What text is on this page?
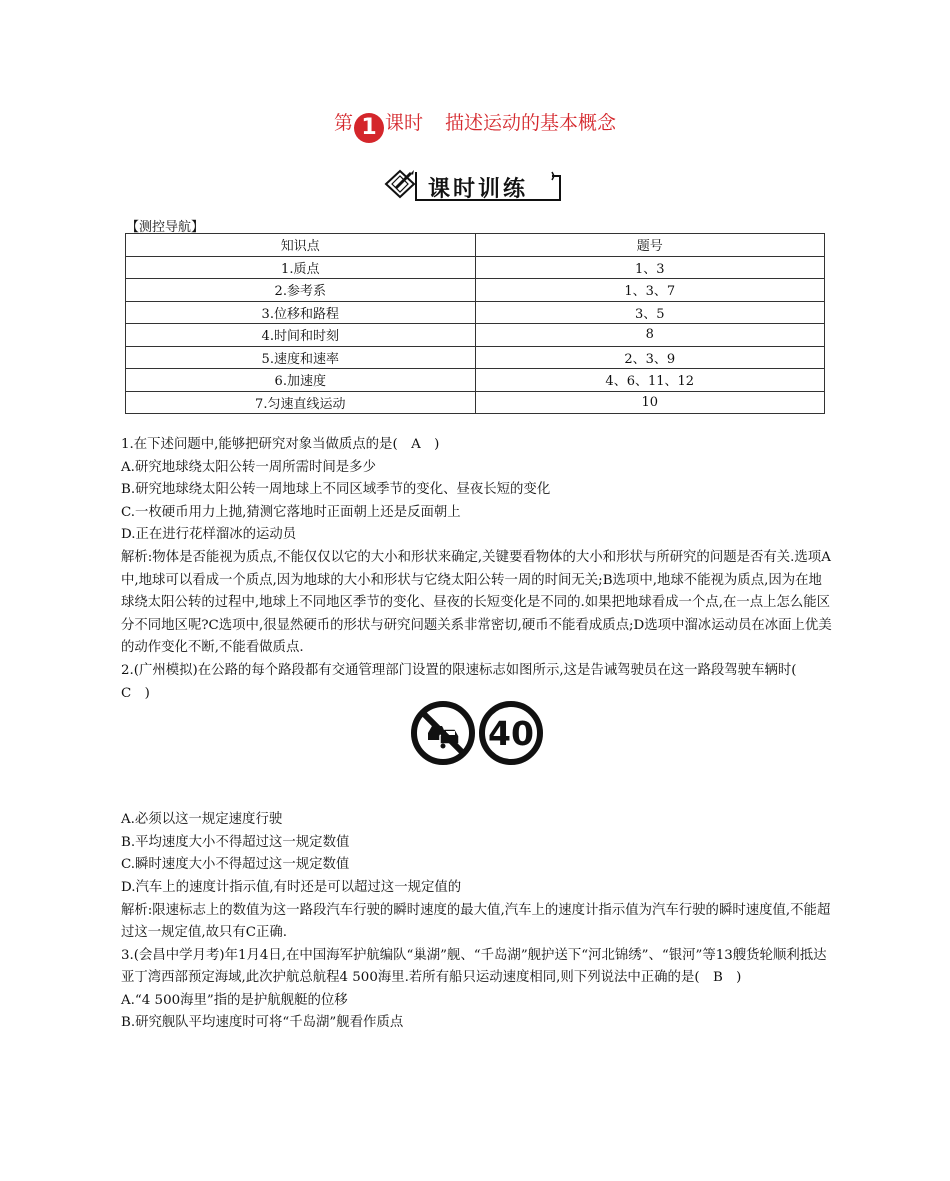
第 1 课时 描述运动的基本概念
课时训练
【测控导航】
知识点	题号
1.质点	1、3
2.参考系	1、3、7
3.位移和路程	3、5
4.时间和时刻	8
5.速度和速率	2、3、9
6.加速度	4、6、11、12
7.匀速直线运动	10

1.在下述问题中,能够把研究对象当做质点的是(　A　)

A.研究地球绕太阳公转一周所需时间是多少

B.研究地球绕太阳公转一周地球上不同区域季节的变化、昼夜长短的变化

C.一枚硬币用力上抛,猜测它落地时正面朝上还是反面朝上

D.正在进行花样溜冰的运动员

解析:物体是否能视为质点,不能仅仅以它的大小和形状来确定,关键要看物体的大小和形状与所研究的问题是否有关.选项A中,地球可以看成一个质点,因为地球的大小和形状与它绕太阳公转一周的时间无关;B选项中,地球不能视为质点,因为在地球绕太阳公转的过程中,地球上不同地区季节的变化、昼夜的长短变化是不同的.如果把地球看成一个点,在一点上怎么能区分不同地区呢?C选项中,很显然硬币的形状与研究问题关系非常密切,硬币不能看成质点;D选项中溜冰运动员在冰面上优美的动作变化不断,不能看做质点.

2.(广州模拟)在公路的每个路段都有交通管理部门设置的限速标志如图所示,这是告诫驾驶员在这一路段驾驶车辆时(　C　)

A.必须以这一规定速度行驶

B.平均速度大小不得超过这一规定数值

C.瞬时速度大小不得超过这一规定数值

D.汽车上的速度计指示值,有时还是可以超过这一规定值的

解析:限速标志上的数值为这一路段汽车行驶的瞬时速度的最大值,汽车上的速度计指示值为汽车行驶的瞬时速度值,不能超过这一规定值,故只有C正确.

3.(会昌中学月考)年1月4日,在中国海军护航编队“巢湖”舰、“千岛湖”舰护送下“河北锦绣”、“银河”等13艘货轮顺利抵达亚丁湾西部预定海域,此次护航总航程4 500海里.若所有船只运动速度相同,则下列说法中正确的是(　B　)

A.“4 500海里”指的是护航舰艇的位移

B.研究舰队平均速度时可将“千岛湖”舰看作质点

40
